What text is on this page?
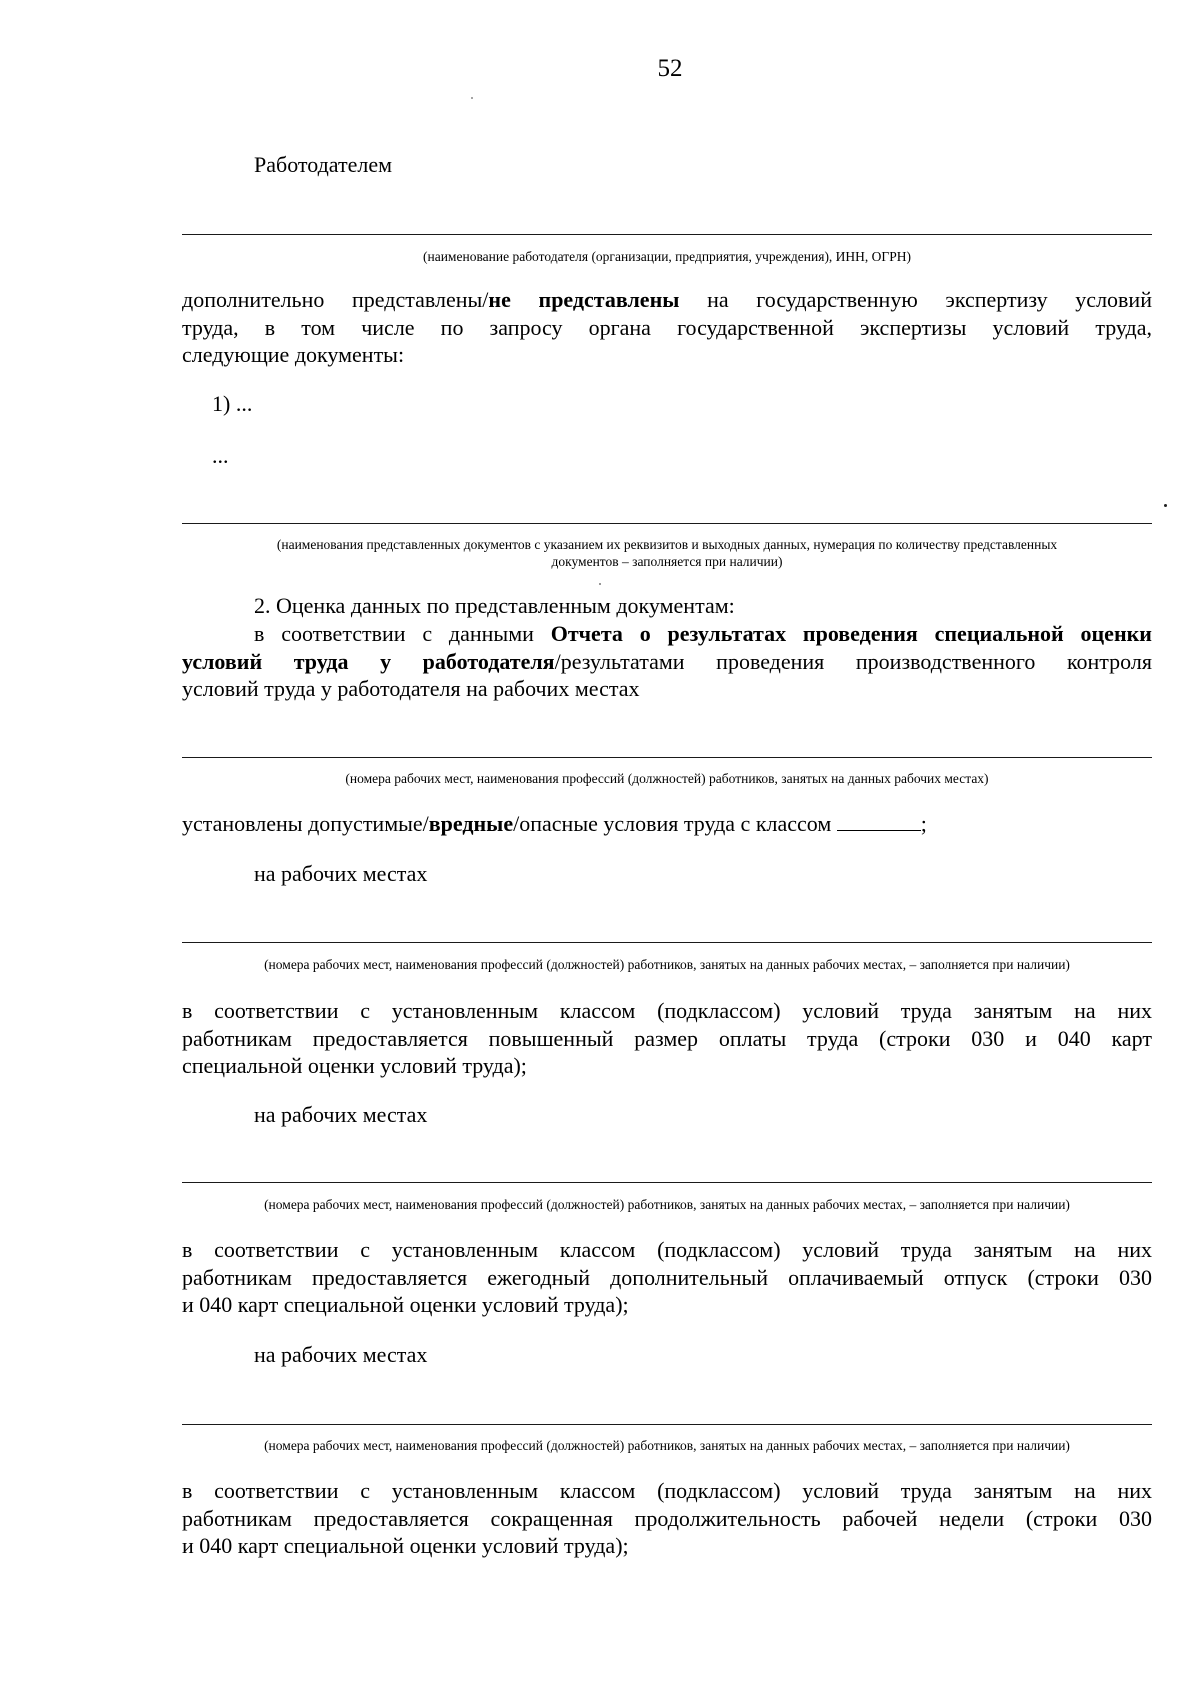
52
Работодателем
(наименование работодателя (организации, предприятия, учреждения), ИНН, ОГРН)
дополнительно представлены/не представлены на государственную экспертизу условий
труда, в том числе по запросу органа государственной экспертизы условий труда,
следующие документы:
1) ...
...
(наименования представленных документов с указанием их реквизитов и выходных данных, нумерация по количеству представленных
документов – заполняется при наличии)
2. Оценка данных по представленным документам:
в соответствии с данными Отчета о результатах проведения специальной оценки
условий труда у работодателя/результатами проведения производственного контроля
условий труда у работодателя на рабочих местах
(номера рабочих мест, наименования профессий (должностей) работников, занятых на данных рабочих местах)
установлены допустимые/вредные/опасные условия труда с классом	;
на рабочих местах
(номера рабочих мест, наименования профессий (должностей) работников, занятых на данных рабочих местах, – заполняется при наличии)
в соответствии с установленным классом (подклассом) условий труда занятым на них
работникам предоставляется повышенный размер оплаты труда (строки 030 и 040 карт
специальной оценки условий труда);
на рабочих местах
(номера рабочих мест, наименования профессий (должностей) работников, занятых на данных рабочих местах, – заполняется при наличии)
в соответствии с установленным классом (подклассом) условий труда занятым на них
работникам предоставляется ежегодный дополнительный оплачиваемый отпуск (строки 030
и 040 карт специальной оценки условий труда);
на рабочих местах
(номера рабочих мест, наименования профессий (должностей) работников, занятых на данных рабочих местах, – заполняется при наличии)
в соответствии с установленным классом (подклассом) условий труда занятым на них
работникам предоставляется сокращенная продолжительность рабочей недели (строки 030
и 040 карт специальной оценки условий труда);
